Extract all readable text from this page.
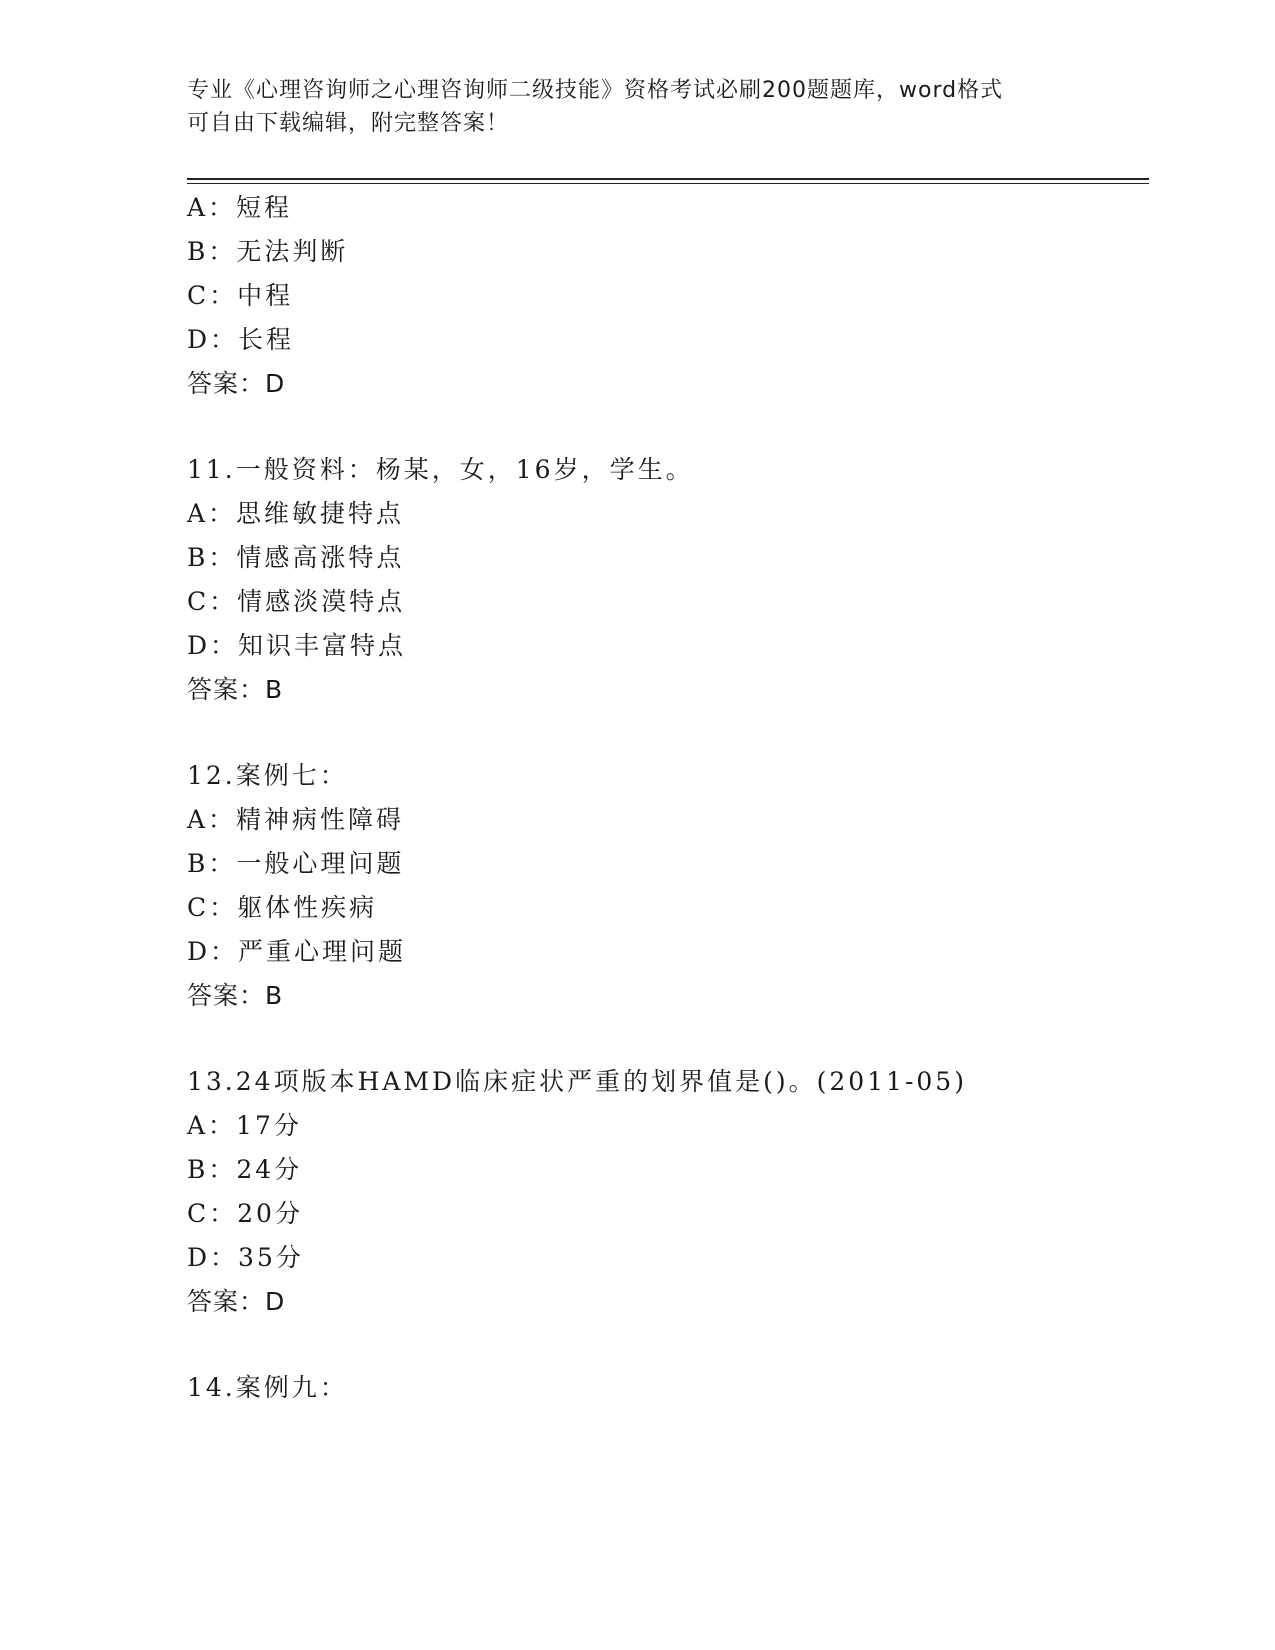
专业《心理咨询师之心理咨询师二级技能》资格考试必刷200题题库，word格式
可自由下载编辑，附完整答案！
A：短程
B：无法判断
C：中程
D：长程
答案：D
11.一般资料：杨某，女，16岁，学生。
A：思维敏捷特点
B：情感高涨特点
C：情感淡漠特点
D：知识丰富特点
答案：B
12.案例七：
A：精神病性障碍
B：一般心理问题
C：躯体性疾病
D：严重心理问题
答案：B
13.24项版本HAMD临床症状严重的划界值是()。(2011-05)
A：17分
B：24分
C：20分
D：35分
答案：D
14.案例九：
